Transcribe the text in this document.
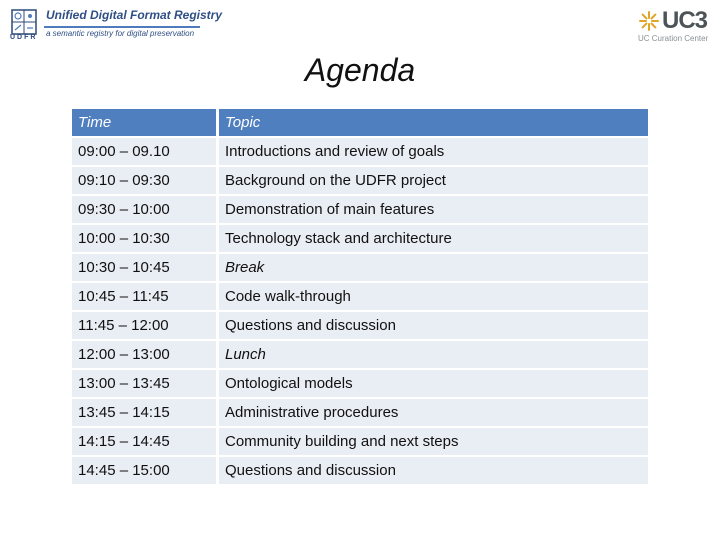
UDFR
Unified Digital Format Registry
a semantic registry for digital preservation	UC3
UC Curation Center
Agenda
Time	Topic
09:00 – 09.10	Introductions and review of goals
09:10 – 09:30	Background on the UDFR project
09:30 – 10:00	Demonstration of main features
10:00 – 10:30	Technology stack and architecture
10:30 – 10:45	Break
10:45 – 11:45	Code walk-through
11:45 – 12:00	Questions and discussion
12:00 – 13:00	Lunch
13:00 – 13:45	Ontological models
13:45 – 14:15	Administrative procedures
14:15 – 14:45	Community building and next steps
14:45 – 15:00	Questions and discussion
